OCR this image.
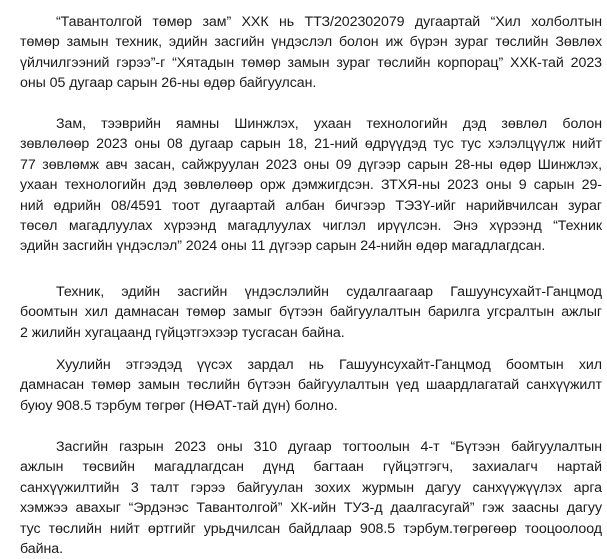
“Тавантолгой төмөр зам” ХХК нь ТТЗ/202302079 дугаартай “Хил холболтын
төмөр замын техник, эдийн засгийн үндэслэл болон иж бүрэн зураг төслийн Зөвлөх
үйлчилгээний гэрээ”-г “Хятадын төмөр замын зураг төслийн корпорац” ХХК-тай 2023
оны 05 дугаар сарын 26-ны өдөр байгуулсан.
Зам, тээврийн яамны Шинжлэх, ухаан технологийн дэд зөвлөл болон
зөвлөлөөр 2023 оны 08 дугаар сарын 18, 21-ний өдрүүдэд тус тус хэлэлцүүлж нийт
77 зөвлөмж авч засан, сайжруулан 2023 оны 09 дүгээр сарын 28-ны өдөр Шинжлэх,
ухаан технологийн дэд зөвлөлөөр орж дэмжигдсэн. ЗТХЯ-ны 2023 оны 9 сарын 29-
ний өдрийн 08/4591 тоот дугаартай албан бичгээр ТЭЗҮ-ийг нарийвчилсан зураг
төсөл магадлуулах хүрээнд магадлуулах чиглэл ирүүлсэн. Энэ хүрээнд “Техник
эдийн засгийн үндэслэл” 2024 оны 11 дүгээр сарын 24-нийн өдөр магадлагдсан.
Техник, эдийн засгийн үндэслэлийн судалгаагаар Гашуунсухайт-Ганцмод
боомтын хил дамнасан төмөр замыг бүтээн байгуулалтын барилга угсралтын ажлыг
2 жилийн хугацаанд гүйцэтгэхээр тусгасан байна.
Хуулийн этгээдэд үүсэх зардал нь Гашуунсухайт-Ганцмод боомтын хил
дамнасан төмөр замын төслийн бүтээн байгуулалтын үед шаардлагатай санхүүжилт
буюу 908.5 тэрбум төгрөг (НӨАТ-тай дүн) болно.
Засгийн газрын 2023 оны 310 дугаар тогтоолын 4-т “Бүтээн байгуулалтын
ажлын төсвийн магадлагдсан дүнд багтаан гүйцэтгэгч, захиалагч нартай
санхүүжилтийн 3 талт гэрээ байгуулан зохих журмын дагуу санхүүжүүлэх арга
хэмжээ авахыг “Эрдэнэс Тавантолгой” ХК-ийн ТУЗ-д даалгасугай” гэж заасны дагуу
тус төслийн нийт өртгийг урьдчилсан байдлаар 908.5 тэрбум.төгрөгөөр тооцоолоод
байна.
